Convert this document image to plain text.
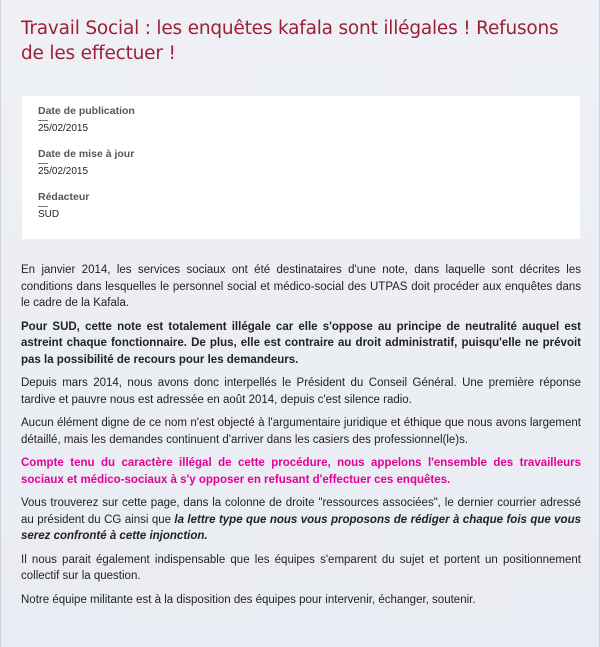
Travail Social : les enquêtes kafala sont illégales ! Refusons de les effectuer !
Date de publication
25/02/2015
Date de mise à jour
25/02/2015
Rédacteur
SUD

En janvier 2014, les services sociaux ont été destinataires d'une note, dans laquelle sont décrites les conditions dans lesquelles le personnel social et médico-social des UTPAS doit procéder aux enquêtes dans le cadre de la Kafala.

Pour SUD, cette note est totalement illégale car elle s'oppose au principe de neutralité auquel est astreint chaque fonctionnaire. De plus, elle est contraire au droit administratif, puisqu'elle ne prévoit pas la possibilité de recours pour les demandeurs.

Depuis mars 2014, nous avons donc interpellés le Président du Conseil Général. Une première réponse tardive et pauvre nous est adressée en août 2014, depuis c'est silence radio.

Aucun élément digne de ce nom n'est objecté à l'argumentaire juridique et éthique que nous avons largement détaillé, mais les demandes continuent d'arriver dans les casiers des professionnel(le)s.

Compte tenu du caractère illégal de cette procédure, nous appelons l'ensemble des travailleurs sociaux et médico-sociaux à s'y opposer en refusant d'effectuer ces enquêtes.

Vous trouverez sur cette page, dans la colonne de droite "ressources associées", le dernier courrier adressé au président du CG ainsi que la lettre type que nous vous proposons de rédiger à chaque fois que vous serez confronté à cette injonction.

Il nous parait également indispensable que les équipes s'emparent du sujet et portent un positionnement collectif sur la question.

Notre équipe militante est à la disposition des équipes pour intervenir, échanger, soutenir.
